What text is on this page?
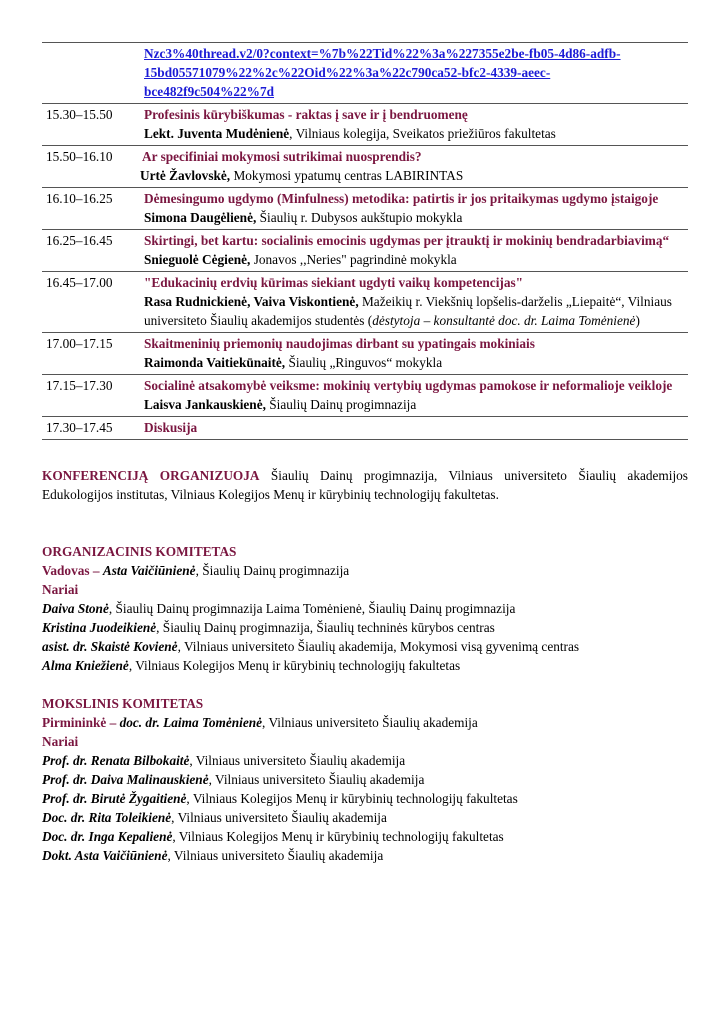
	Nzc3%40thread.v2/0?context=%7b%22Tid%22%3a%227355e2be-fb05-4d86-adfb-
15bd05571079%22%2c%22Oid%22%3a%22c790ca52-bfc2-4339-aeec-
bce482f9c504%22%7d

15.30–15.50	Profesinis kūrybiškumas - raktas į save ir į bendruomenę
Lekt. Juventa Mudėnienė, Vilniaus kolegija, Sveikatos priežiūros fakultetas

15.50–16.10	Ar specifiniai mokymosi sutrikimai nuosprendis?
Urtė Žavlovskė, Mokymosi ypatumų centras LABIRINTAS

16.10–16.25	Dėmesingumo ugdymo (Minfulness) metodika: patirtis ir jos pritaikymas ugdymo įstaigoje
Simona Daugėlienė, Šiaulių r. Dubysos aukštupio mokykla

16.25–16.45	Skirtingi, bet kartu: socialinis emocinis ugdymas per įtrauktį ir mokinių bendradarbiavimą“
Snieguolė Cėgienė, Jonavos ,,Neries" pagrindinė mokykla

16.45–17.00	"Edukacinių erdvių kūrimas siekiant ugdyti vaikų kompetencijas"
Rasa Rudnickienė, Vaiva Viskontienė, Mažeikių r. Viekšnių lopšelis-darželis „Liepaitė“, Vilniaus universiteto Šiaulių akademijos studentės (dėstytoja – konsultantė doc. dr. Laima Tomėnienė)

17.00–17.15	Skaitmeninių priemonių naudojimas dirbant su ypatingais mokiniais
Raimonda Vaitiekūnaitė, Šiaulių „Ringuvos“ mokykla

17.15–17.30	Socialinė atsakomybė veiksme: mokinių vertybių ugdymas pamokose ir neformalioje veikloje
Laisva Jankauskienė, Šiaulių Dainų progimnazija

17.30–17.45	Diskusija
KONFERENCIJĄ ORGANIZUOJA Šiaulių Dainų progimnazija, Vilniaus universiteto Šiaulių akademijos Edukologijos institutas, Vilniaus Kolegijos Menų ir kūrybinių technologijų fakultetas.
ORGANIZACINIS KOMITETAS
Vadovas – Asta Vaičiūnienė, Šiaulių Dainų progimnazija
Nariai
Daiva Stonė, Šiaulių Dainų progimnazija Laima Tomėnienė, Šiaulių Dainų progimnazija
Kristina Juodeikienė, Šiaulių Dainų progimnazija, Šiaulių techninės kūrybos centras
asist. dr. Skaistė Kovienė, Vilniaus universiteto Šiaulių akademija, Mokymosi visą gyvenimą centras
Alma Kniežienė, Vilniaus Kolegijos Menų ir kūrybinių technologijų fakultetas
MOKSLINIS KOMITETAS
Pirmininkė – doc. dr. Laima Tomėnienė, Vilniaus universiteto Šiaulių akademija
Nariai
Prof. dr. Renata Bilbokaitė, Vilniaus universiteto Šiaulių akademija
Prof. dr. Daiva Malinauskienė, Vilniaus universiteto Šiaulių akademija
Prof. dr. Birutė Žygaitienė, Vilniaus Kolegijos Menų ir kūrybinių technologijų fakultetas
Doc. dr. Rita Toleikienė, Vilniaus universiteto Šiaulių akademija
Doc. dr. Inga Kepalienė, Vilniaus Kolegijos Menų ir kūrybinių technologijų fakultetas
Dokt. Asta Vaičiūnienė, Vilniaus universiteto Šiaulių akademija
